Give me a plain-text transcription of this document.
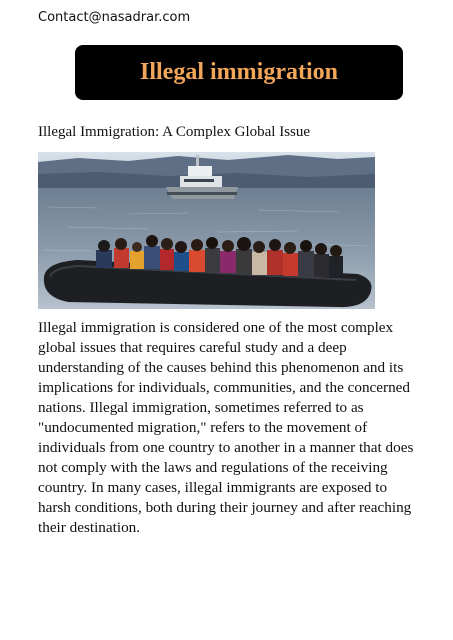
Contact@nasadrar.com
Illegal immigration
Illegal Immigration: A Complex Global Issue
Illegal immigration is considered one of the most complex
global issues that requires careful study and a deep
understanding of the causes behind this phenomenon and its
implications for individuals, communities, and the concerned
nations. Illegal immigration, sometimes referred to as
"undocumented migration," refers to the movement of
individuals from one country to another in a manner that does
not comply with the laws and regulations of the receiving
country. In many cases, illegal immigrants are exposed to
harsh conditions, both during their journey and after reaching
their destination.
